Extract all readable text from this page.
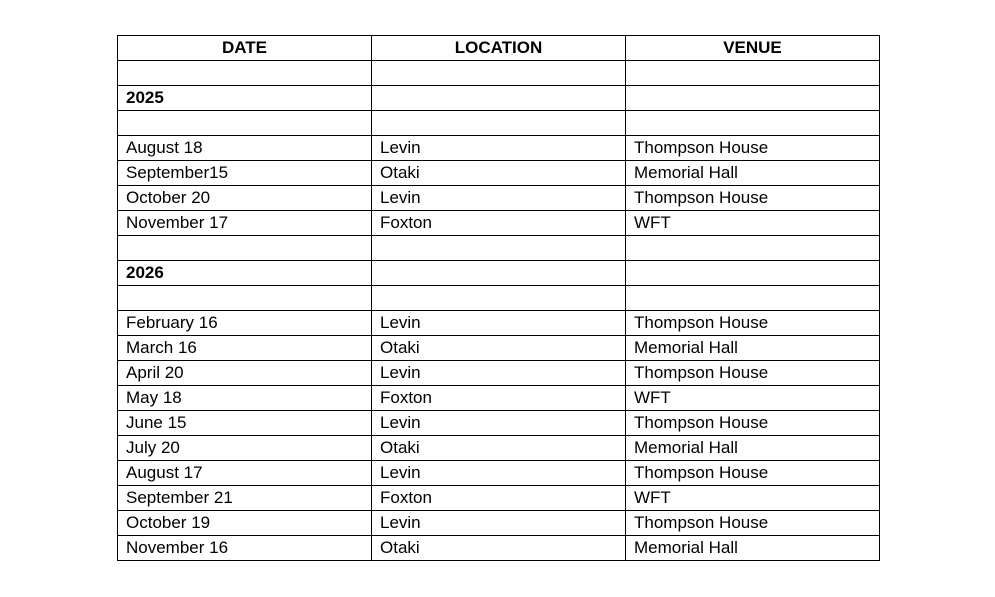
DATE	LOCATION	VENUE

2025		

August 18	Levin	Thompson House
September15	Otaki	Memorial Hall
October 20	Levin	Thompson House
November 17	Foxton	WFT

2026		

February 16	Levin	Thompson House
March 16	Otaki	Memorial Hall
April 20	Levin	Thompson House
May 18	Foxton	WFT
June 15	Levin	Thompson House
July 20	Otaki	Memorial Hall
August 17	Levin	Thompson House
September 21	Foxton	WFT
October 19	Levin	Thompson House
November 16	Otaki	Memorial Hall
